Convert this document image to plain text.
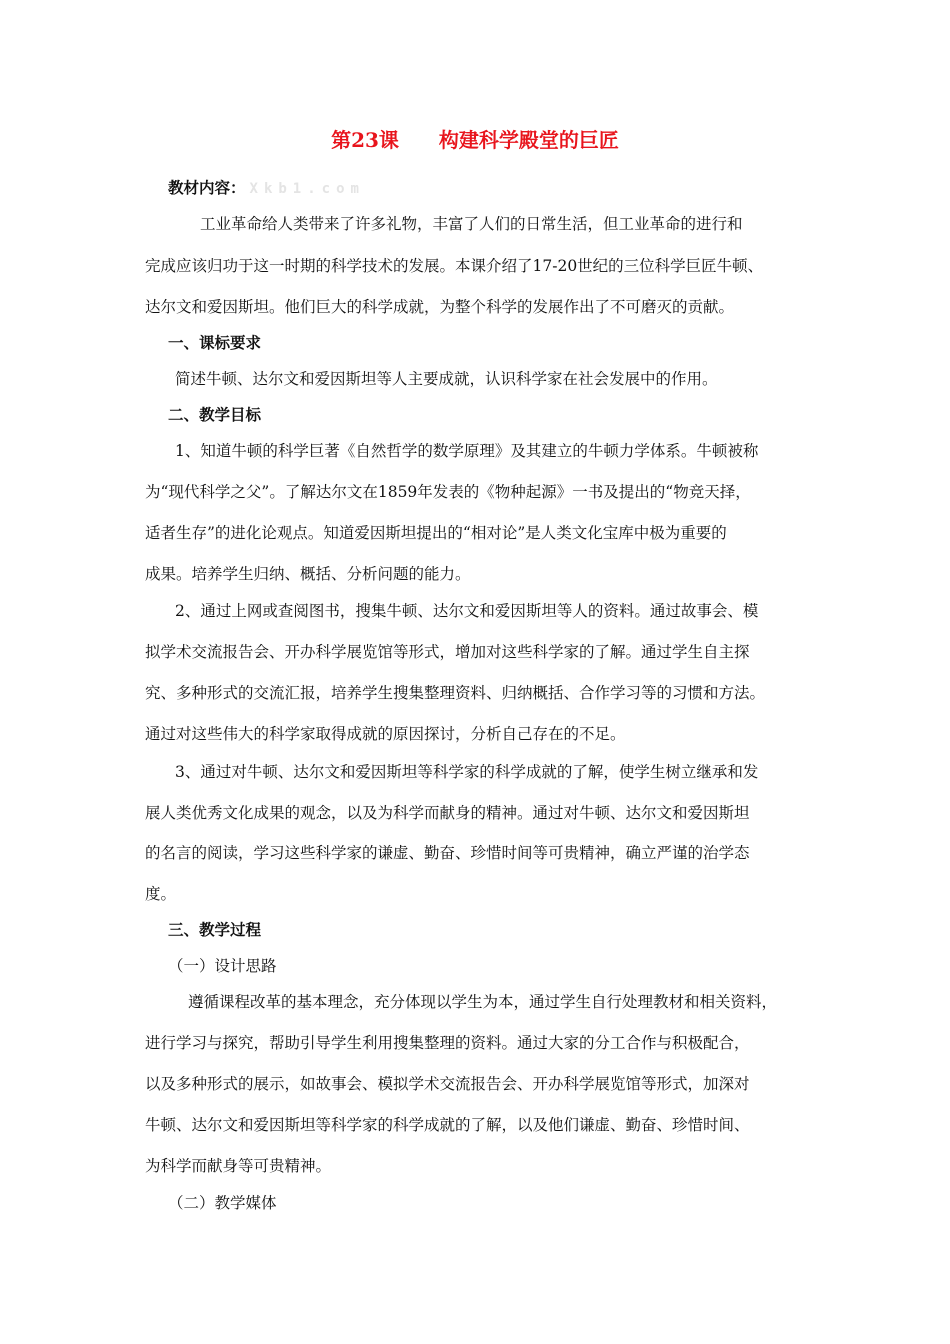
第23课　　构建科学殿堂的巨匠
教材内容： Xkb1.com
工业革命给人类带来了许多礼物，丰富了人们的日常生活，但工业革命的进行和
完成应该归功于这一时期的科学技术的发展。本课介绍了17-20世纪的三位科学巨匠牛顿、
达尔文和爱因斯坦。他们巨大的科学成就，为整个科学的发展作出了不可磨灭的贡献。
一、课标要求
简述牛顿、达尔文和爱因斯坦等人主要成就，认识科学家在社会发展中的作用。
二、教学目标
1、知道牛顿的科学巨著《自然哲学的数学原理》及其建立的牛顿力学体系。牛顿被称
为“现代科学之父”。了解达尔文在1859年发表的《物种起源》一书及提出的“物竞天择，
适者生存”的进化论观点。知道爱因斯坦提出的“相对论”是人类文化宝库中极为重要的
成果。培养学生归纳、概括、分析问题的能力。
2、通过上网或查阅图书，搜集牛顿、达尔文和爱因斯坦等人的资料。通过故事会、模
拟学术交流报告会、开办科学展览馆等形式，增加对这些科学家的了解。通过学生自主探
究、多种形式的交流汇报，培养学生搜集整理资料、归纳概括、合作学习等的习惯和方法。
通过对这些伟大的科学家取得成就的原因探讨，分析自己存在的不足。
3、通过对牛顿、达尔文和爱因斯坦等科学家的科学成就的了解，使学生树立继承和发
展人类优秀文化成果的观念，以及为科学而献身的精神。通过对牛顿、达尔文和爱因斯坦
的名言的阅读，学习这些科学家的谦虚、勤奋、珍惜时间等可贵精神，确立严谨的治学态
度。
三、教学过程
（一）设计思路
遵循课程改革的基本理念，充分体现以学生为本，通过学生自行处理教材和相关资料，
进行学习与探究，帮助引导学生利用搜集整理的资料。通过大家的分工合作与积极配合，
以及多种形式的展示，如故事会、模拟学术交流报告会、开办科学展览馆等形式，加深对
牛顿、达尔文和爱因斯坦等科学家的科学成就的了解，以及他们谦虚、勤奋、珍惜时间、
为科学而献身等可贵精神。
（二）教学媒体
